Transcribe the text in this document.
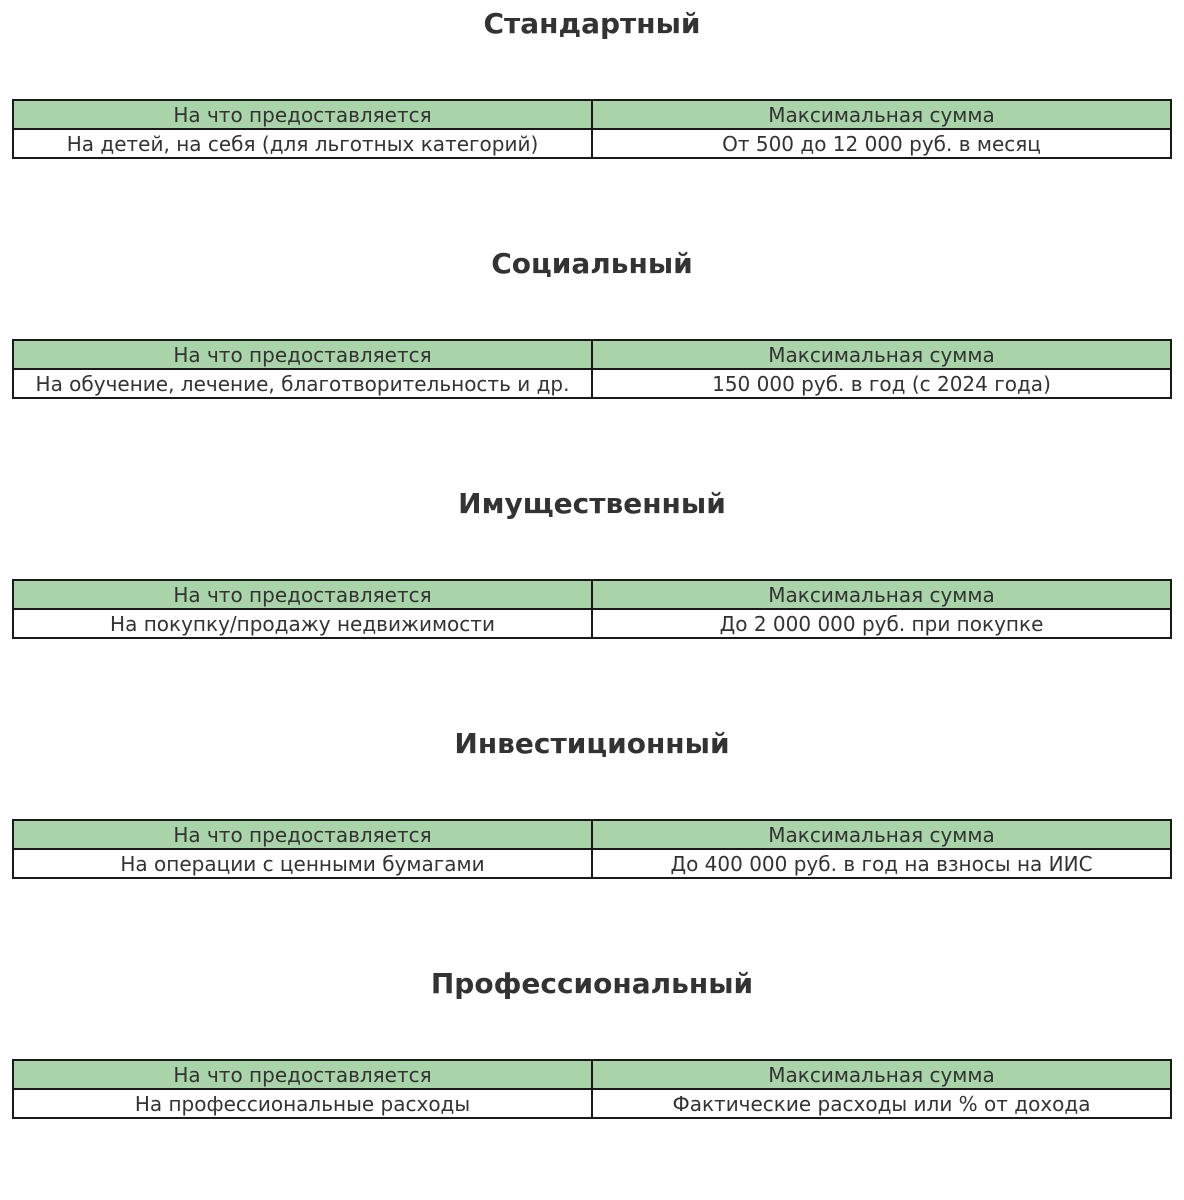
Стандартный
На что предоставляется	Максимальная сумма
На детей, на себя (для льготных категорий)	От 500 до 12 000 руб. в месяц
Социальный
На что предоставляется	Максимальная сумма
На обучение, лечение, благотворительность и др.	150 000 руб. в год (с 2024 года)
Имущественный
На что предоставляется	Максимальная сумма
На покупку/продажу недвижимости	До 2 000 000 руб. при покупке
Инвестиционный
На что предоставляется	Максимальная сумма
На операции с ценными бумагами	До 400 000 руб. в год на взносы на ИИС
Профессиональный
На что предоставляется	Максимальная сумма
На профессиональные расходы	Фактические расходы или % от дохода
